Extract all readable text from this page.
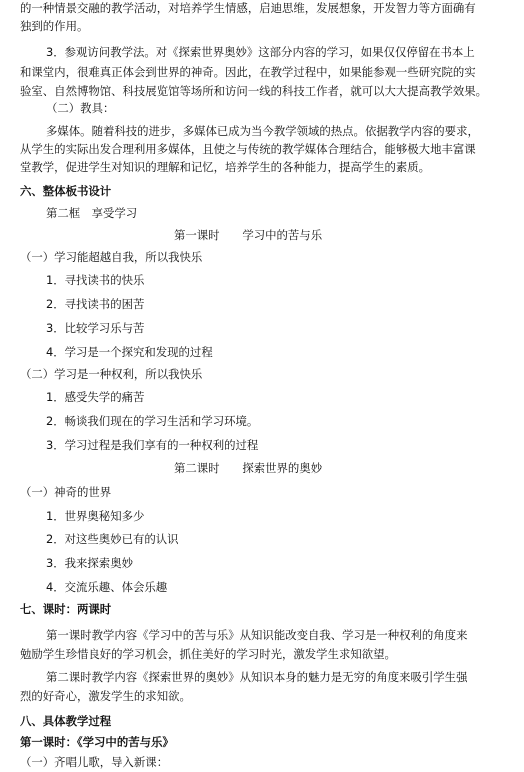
的一种情景交融的教学活动，对培养学生情感，启迪思维，发展想象，开发智力等方面确有
独到的作用。
3．参观访问教学法。对《探索世界奥妙》这部分内容的学习，如果仅仅停留在书本上
和课堂内，很难真正体会到世界的神奇。因此，在教学过程中，如果能参观一些研究院的实
验室、自然博物馆、科技展览馆等场所和访问一线的科技工作者，就可以大大提高教学效果。
（二）教具：
多媒体。随着科技的进步，多媒体已成为当今教学领域的热点。依据教学内容的要求，
从学生的实际出发合理利用多媒体，且使之与传统的教学媒体合理结合，能够极大地丰富课
堂教学，促进学生对知识的理解和记忆，培养学生的各种能力，提高学生的素质。
六、整体板书设计
第二框　享受学习
第一课时　　学习中的苦与乐
（一）学习能超越自我，所以我快乐
1．寻找读书的快乐
2．寻找读书的困苦
3．比较学习乐与苦
4．学习是一个探究和发现的过程
（二）学习是一种权利，所以我快乐
1．感受失学的痛苦
2．畅谈我们现在的学习生活和学习环境。
3．学习过程是我们享有的一种权利的过程
第二课时　　探索世界的奥妙
（一）神奇的世界
1．世界奥秘知多少
2．对这些奥妙已有的认识
3．我来探索奥妙
4．交流乐趣、体会乐趣
七、课时：两课时
第一课时教学内容《学习中的苦与乐》从知识能改变自我、学习是一种权利的角度来
勉励学生珍惜良好的学习机会，抓住美好的学习时光，激发学生求知欲望。
第二课时教学内容《探索世界的奥妙》从知识本身的魅力是无穷的角度来吸引学生强
烈的好奇心，激发学生的求知欲。
八、具体教学过程
第一课时：《学习中的苦与乐》
（一）齐唱儿歌，导入新课：
